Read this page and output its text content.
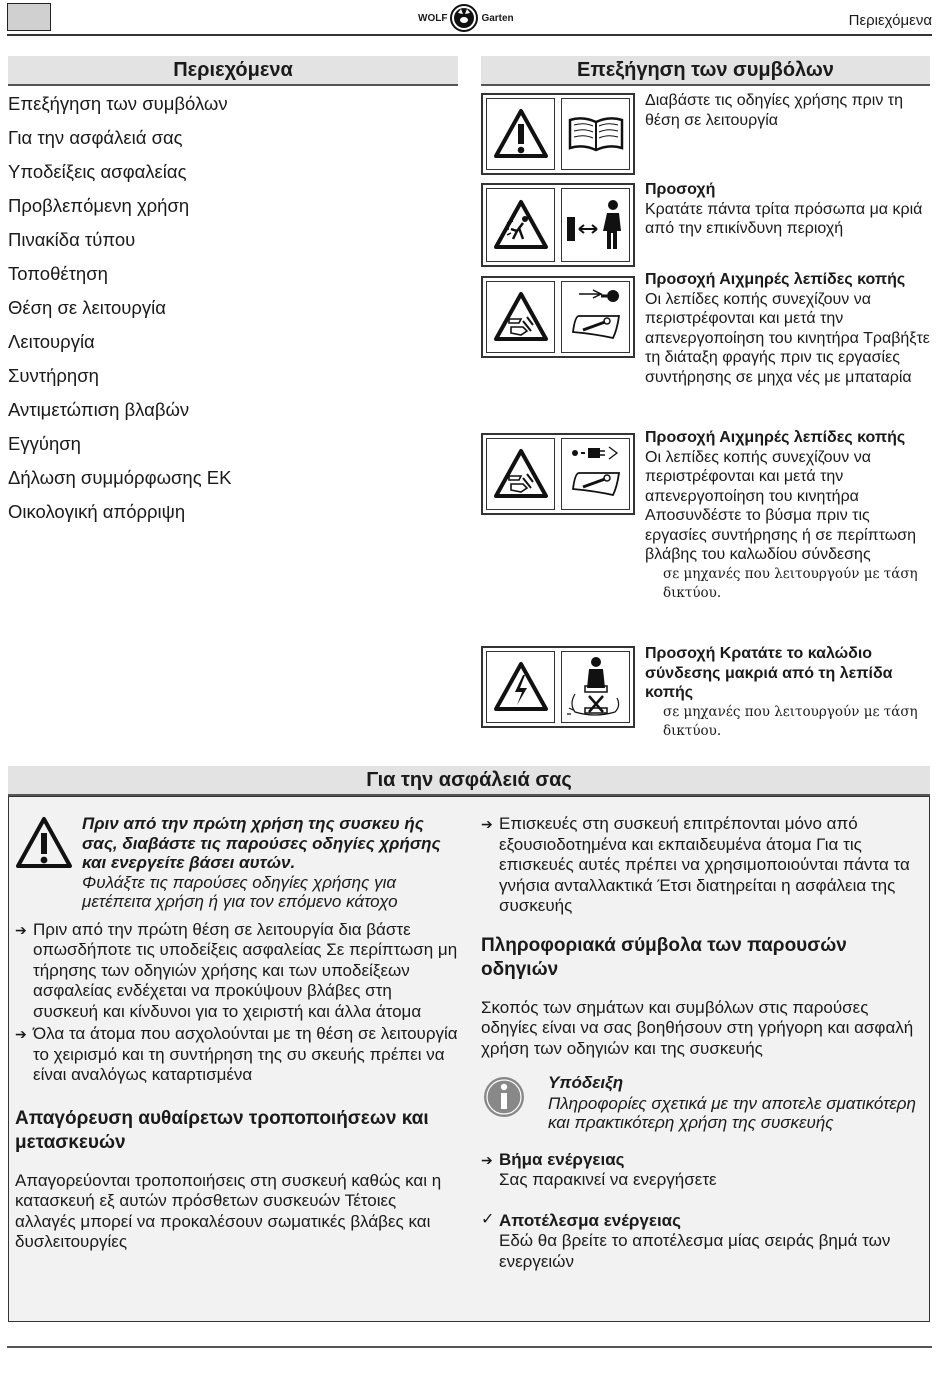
WOLF	Garten	Περιεχόμενα
Περιεχόμενα
Επεξήγηση των συμβόλων
Για την ασφάλειά σας
Υποδείξεις ασφαλείας
Προβλεπόμενη χρήση
Πινακίδα τύπου
Τοποθέτηση
Θέση σε λειτουργία
Λειτουργία
Συντήρηση
Αντιμετώπιση βλαβών
Εγγύηση
Δήλωση συμμόρφωσης ΕΚ
Οικολογική απόρριψη
Επεξήγηση των συμβόλων
Διαβάστε τις οδηγίες χρήσης πριν τη θέση σε λειτουργία
Προσοχή
Κρατάτε πάντα τρίτα πρόσωπα μα κριά από την επικίνδυνη περιοχή
Προσοχή Αιχμηρές λεπίδες κοπής
Οι λεπίδες κοπής συνεχίζουν να περιστρέφονται και μετά την απενεργοποίηση του κινητήρα Τραβήξτε τη διάταξη φραγής πριν τις εργασίες συντήρησης σε μηχα νές με μπαταρία
Προσοχή Αιχμηρές λεπίδες κοπής
Οι λεπίδες κοπής συνεχίζουν να περιστρέφονται και μετά την απενεργοποίηση του κινητήρα Αποσυνδέστε το βύσμα πριν τις εργασίες συντήρησης ή σε περίπτωση βλάβης του καλωδίου σύνδεσης
σε μηχανές που λειτουργούν με τάση δικτύου.
Προσοχή Κρατάτε το καλώδιο σύνδεσης μακριά από τη λεπίδα κοπής
σε μηχανές που λειτουργούν με τάση δικτύου.
Για την ασφάλειά σας
Πριν από την πρώτη χρήση της συσκευ ής σας, διαβάστε τις παρούσες οδηγίες χρήσης και ενεργείτε βάσει αυτών.
Φυλάξτε τις παρούσες οδηγίες χρήσης για μετέπειτα χρήση ή για τον επόμενο κάτοχο
➔ Πριν από την πρώτη θέση σε λειτουργία δια βάστε οπωσδήποτε τις υποδείξεις ασφαλείας Σε περίπτωση μη τήρησης των οδηγιών χρήσης και των υποδείξεων ασφαλείας ενδέχεται να προκύψουν βλάβες στη συσκευή και κίνδυνοι για το χειριστή και άλλα άτομα
➔ Όλα τα άτομα που ασχολούνται με τη θέση σε λειτουργία το χειρισμό και τη συντήρηση της συ σκευής πρέπει να είναι αναλόγως καταρτισμένα
Απαγόρευση αυθαίρετων τροποποιήσεων και μετασκευών
Απαγορεύονται τροποποιήσεις στη συσκευή καθώς και η κατασκευή εξ αυτών πρόσθετων συσκευών Τέτοιες αλλαγές μπορεί να προκαλέσουν σωματικές βλάβες και δυσλειτουργίες
➔ Επισκευές στη συσκευή επιτρέπονται μόνο από εξουσιοδοτημένα και εκπαιδευμένα άτομα Για τις επισκευές αυτές πρέπει να χρησιμοποιούνται πάντα τα γνήσια ανταλλακτικά Έτσι διατηρείται η ασφάλεια της συσκευής
Πληροφοριακά σύμβολα των παρουσών οδηγιών
Σκοπός των σημάτων και συμβόλων στις παρούσες οδηγίες είναι να σας βοηθήσουν στη γρήγορη και ασφαλή χρήση των οδηγιών και της συσκευής
Υπόδειξη
Πληροφορίες σχετικά με την αποτελε σματικότερη και πρακτικότερη χρήση της συσκευής
➔ Βήμα ενέργειας
Σας παρακινεί να ενεργήσετε
✓ Αποτέλεσμα ενέργειας
Εδώ θα βρείτε το αποτέλεσμα μίας σειράς βημά των ενεργειών
